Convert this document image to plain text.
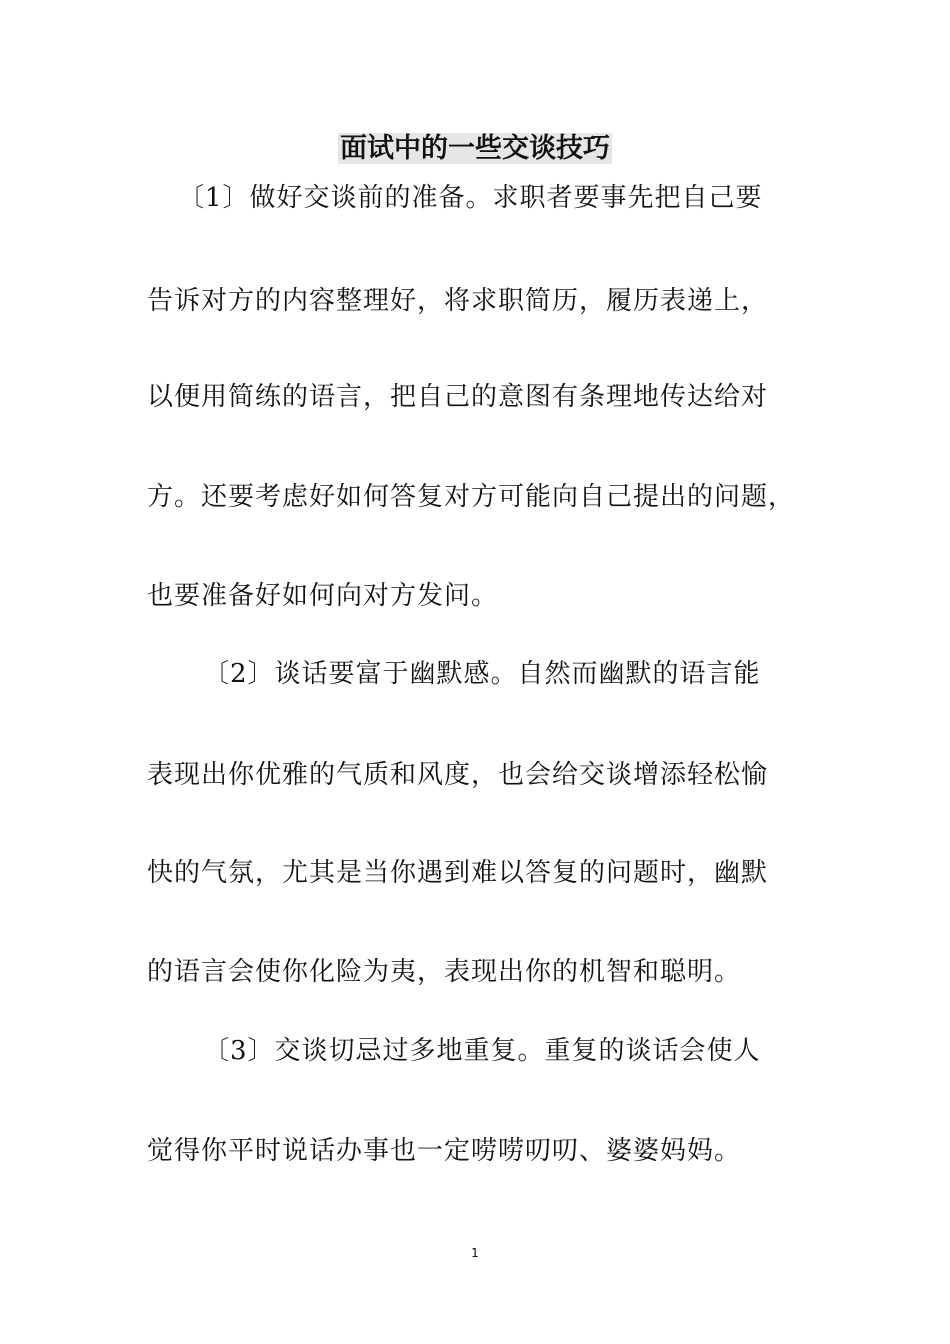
面试中的一些交谈技巧
〔1〕做好交谈前的准备。求职者要事先把自己要
告诉对方的内容整理好，将求职简历，履历表递上，
以便用简练的语言，把自己的意图有条理地传达给对
方。还要考虑好如何答复对方可能向自己提出的问题，
也要准备好如何向对方发问。
〔2〕谈话要富于幽默感。自然而幽默的语言能
表现出你优雅的气质和风度，也会给交谈增添轻松愉
快的气氛，尤其是当你遇到难以答复的问题时，幽默
的语言会使你化险为夷，表现出你的机智和聪明。
〔3〕交谈切忌过多地重复。重复的谈话会使人
觉得你平时说话办事也一定唠唠叨叨、婆婆妈妈。
1
